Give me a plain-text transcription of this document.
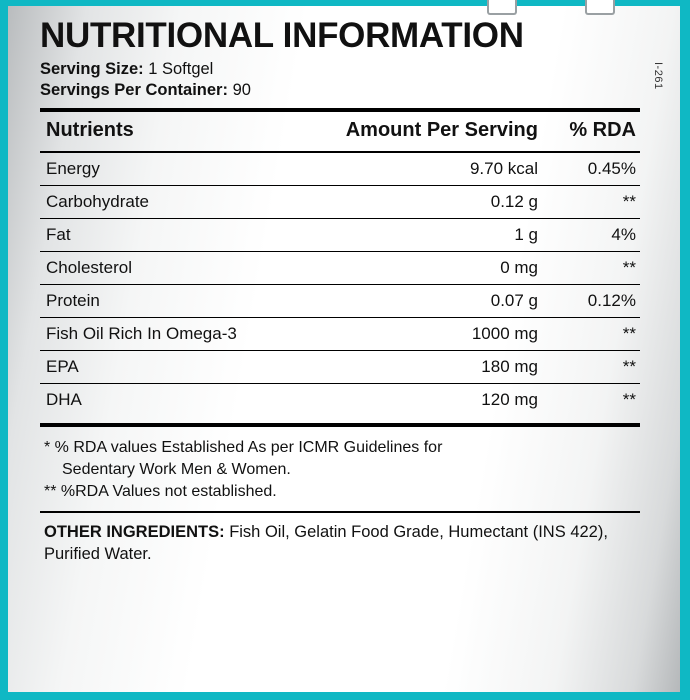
I-261
NUTRITIONAL INFORMATION
Serving Size: 1 Softgel
Servings Per Container: 90
Nutrients	Amount Per Serving	% RDA
Energy	9.70 kcal	0.45%
Carbohydrate	0.12 g	**
Fat	1 g	4%
Cholesterol	0 mg	**
Protein	0.07 g	0.12%
Fish Oil Rich In Omega-3	1000 mg	**
EPA	180 mg	**
DHA	120 mg	**
* % RDA values Established As per ICMR Guidelines for
Sedentary Work Men & Women.
** %RDA Values not established.
OTHER INGREDIENTS: Fish Oil, Gelatin Food Grade, Humectant (INS 422), Purified Water.
